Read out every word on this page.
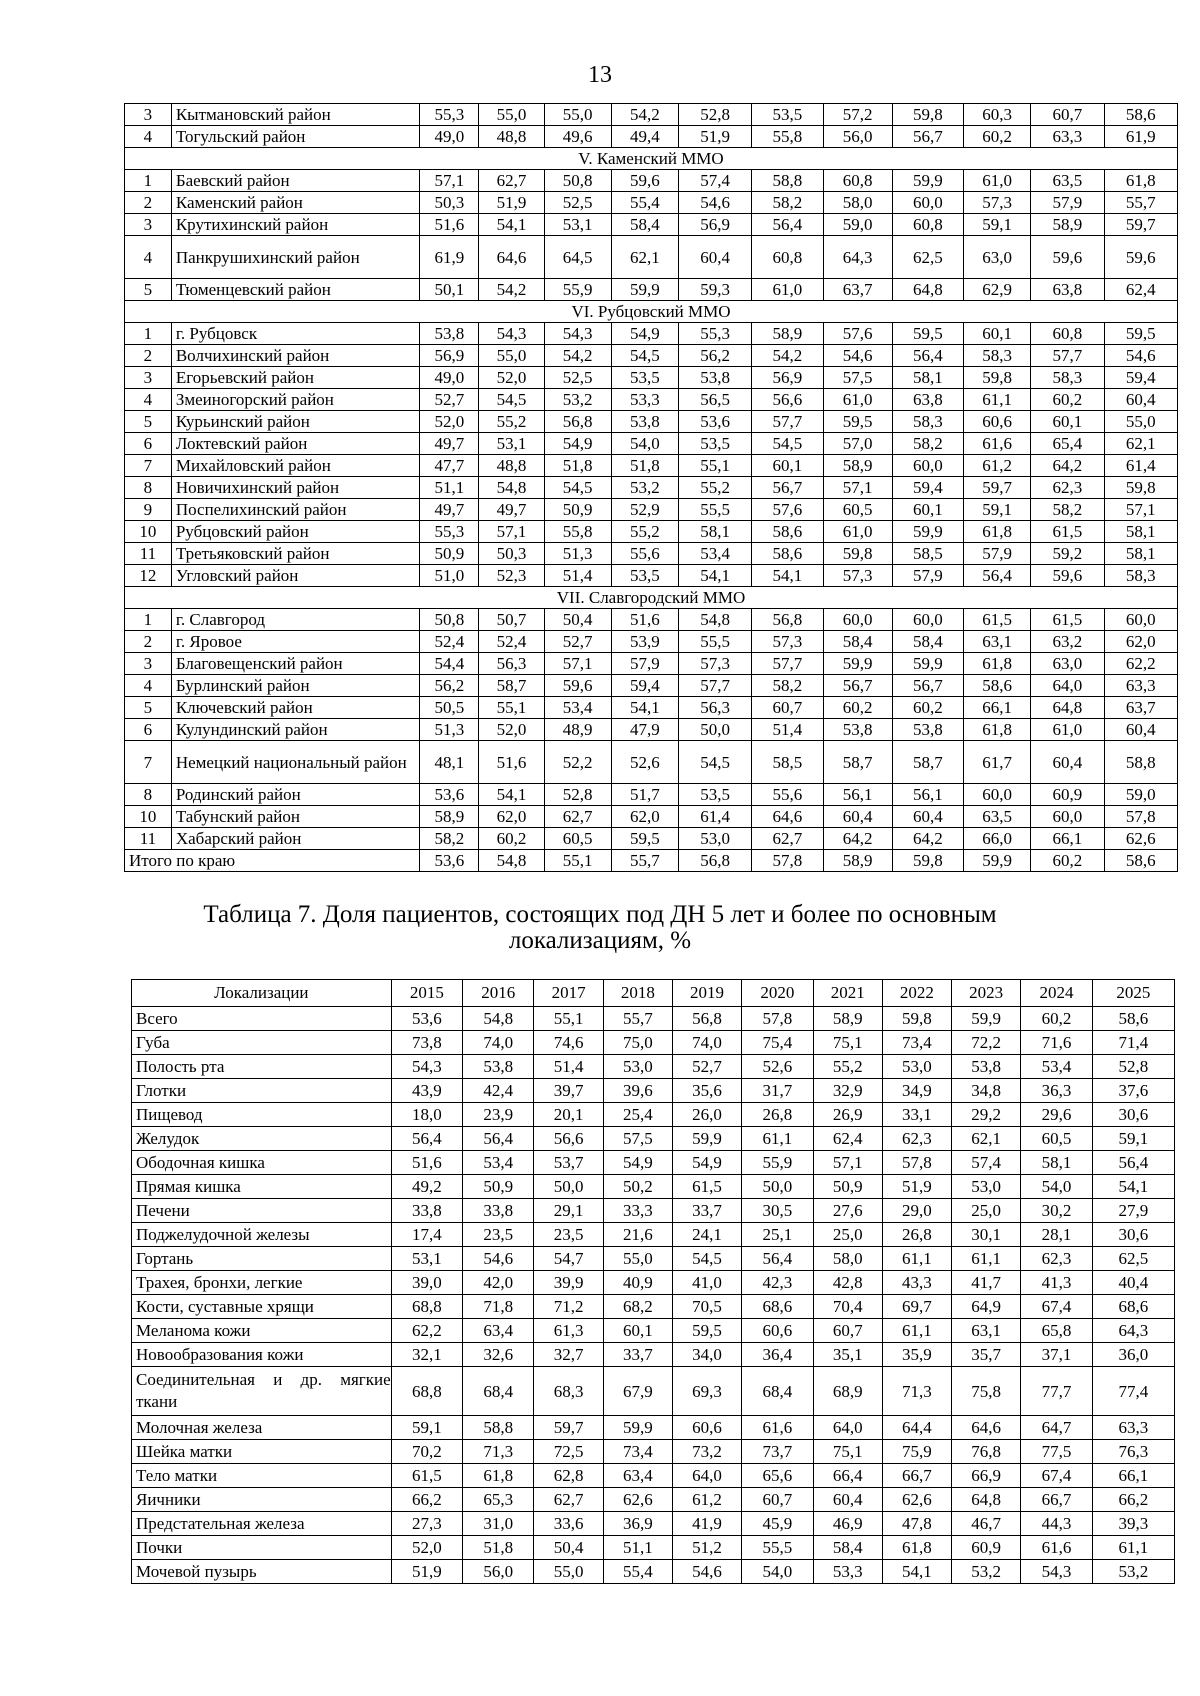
13
3	Кытмановский район	55,3	55,0	55,0	54,2	52,8	53,5	57,2	59,8	60,3	60,7	58,6
4	Тогульский район	49,0	48,8	49,6	49,4	51,9	55,8	56,0	56,7	60,2	63,3	61,9
V. Каменский ММО												
1	Баевский район	57,1	62,7	50,8	59,6	57,4	58,8	60,8	59,9	61,0	63,5	61,8
2	Каменский район	50,3	51,9	52,5	55,4	54,6	58,2	58,0	60,0	57,3	57,9	55,7
3	Крутихинский район	51,6	54,1	53,1	58,4	56,9	56,4	59,0	60,8	59,1	58,9	59,7
4	Панкрушихинский район	61,9	64,6	64,5	62,1	60,4	60,8	64,3	62,5	63,0	59,6	59,6
5	Тюменцевский район	50,1	54,2	55,9	59,9	59,3	61,0	63,7	64,8	62,9	63,8	62,4
VI. Рубцовский ММО												
1	г. Рубцовск	53,8	54,3	54,3	54,9	55,3	58,9	57,6	59,5	60,1	60,8	59,5
2	Волчихинский район	56,9	55,0	54,2	54,5	56,2	54,2	54,6	56,4	58,3	57,7	54,6
3	Егорьевский район	49,0	52,0	52,5	53,5	53,8	56,9	57,5	58,1	59,8	58,3	59,4
4	Змеиногорский район	52,7	54,5	53,2	53,3	56,5	56,6	61,0	63,8	61,1	60,2	60,4
5	Курьинский район	52,0	55,2	56,8	53,8	53,6	57,7	59,5	58,3	60,6	60,1	55,0
6	Локтевский район	49,7	53,1	54,9	54,0	53,5	54,5	57,0	58,2	61,6	65,4	62,1
7	Михайловский район	47,7	48,8	51,8	51,8	55,1	60,1	58,9	60,0	61,2	64,2	61,4
8	Новичихинский район	51,1	54,8	54,5	53,2	55,2	56,7	57,1	59,4	59,7	62,3	59,8
9	Поспелихинский район	49,7	49,7	50,9	52,9	55,5	57,6	60,5	60,1	59,1	58,2	57,1
10	Рубцовский район	55,3	57,1	55,8	55,2	58,1	58,6	61,0	59,9	61,8	61,5	58,1
11	Третьяковский район	50,9	50,3	51,3	55,6	53,4	58,6	59,8	58,5	57,9	59,2	58,1
12	Угловский район	51,0	52,3	51,4	53,5	54,1	54,1	57,3	57,9	56,4	59,6	58,3
VII. Славгородский ММО												
1	г. Славгород	50,8	50,7	50,4	51,6	54,8	56,8	60,0	60,0	61,5	61,5	60,0
2	г. Яровое	52,4	52,4	52,7	53,9	55,5	57,3	58,4	58,4	63,1	63,2	62,0
3	Благовещенский район	54,4	56,3	57,1	57,9	57,3	57,7	59,9	59,9	61,8	63,0	62,2
4	Бурлинский район	56,2	58,7	59,6	59,4	57,7	58,2	56,7	56,7	58,6	64,0	63,3
5	Ключевский район	50,5	55,1	53,4	54,1	56,3	60,7	60,2	60,2	66,1	64,8	63,7
6	Кулундинский район	51,3	52,0	48,9	47,9	50,0	51,4	53,8	53,8	61,8	61,0	60,4
7	Немецкий национальный район	48,1	51,6	52,2	52,6	54,5	58,5	58,7	58,7	61,7	60,4	58,8
8	Родинский район	53,6	54,1	52,8	51,7	53,5	55,6	56,1	56,1	60,0	60,9	59,0
10	Табунский район	58,9	62,0	62,7	62,0	61,4	64,6	60,4	60,4	63,5	60,0	57,8
11	Хабарский район	58,2	60,2	60,5	59,5	53,0	62,7	64,2	64,2	66,0	66,1	62,6
Итого по краю		53,6	54,8	55,1	55,7	56,8	57,8	58,9	59,8	59,9	60,2	58,6
Таблица 7. Доля пациентов, состоящих под ДН 5 лет и более по основным
локализациям, %
Локализации	2015	2016	2017	2018	2019	2020	2021	2022	2023	2024	2025
Всего	53,6	54,8	55,1	55,7	56,8	57,8	58,9	59,8	59,9	60,2	58,6
Губа	73,8	74,0	74,6	75,0	74,0	75,4	75,1	73,4	72,2	71,6	71,4
Полость рта	54,3	53,8	51,4	53,0	52,7	52,6	55,2	53,0	53,8	53,4	52,8
Глотки	43,9	42,4	39,7	39,6	35,6	31,7	32,9	34,9	34,8	36,3	37,6
Пищевод	18,0	23,9	20,1	25,4	26,0	26,8	26,9	33,1	29,2	29,6	30,6
Желудок	56,4	56,4	56,6	57,5	59,9	61,1	62,4	62,3	62,1	60,5	59,1
Ободочная кишка	51,6	53,4	53,7	54,9	54,9	55,9	57,1	57,8	57,4	58,1	56,4
Прямая кишка	49,2	50,9	50,0	50,2	61,5	50,0	50,9	51,9	53,0	54,0	54,1
Печени	33,8	33,8	29,1	33,3	33,7	30,5	27,6	29,0	25,0	30,2	27,9
Поджелудочной железы	17,4	23,5	23,5	21,6	24,1	25,1	25,0	26,8	30,1	28,1	30,6
Гортань	53,1	54,6	54,7	55,0	54,5	56,4	58,0	61,1	61,1	62,3	62,5
Трахея, бронхи, легкие	39,0	42,0	39,9	40,9	41,0	42,3	42,8	43,3	41,7	41,3	40,4
Кости, суставные хрящи	68,8	71,8	71,2	68,2	70,5	68,6	70,4	69,7	64,9	67,4	68,6
Меланома кожи	62,2	63,4	61,3	60,1	59,5	60,6	60,7	61,1	63,1	65,8	64,3
Новообразования кожи	32,1	32,6	32,7	33,7	34,0	36,4	35,1	35,9	35,7	37,1	36,0
Соединительная и др. мягкие ткани	68,8	68,4	68,3	67,9	69,3	68,4	68,9	71,3	75,8	77,7	77,4
Молочная железа	59,1	58,8	59,7	59,9	60,6	61,6	64,0	64,4	64,6	64,7	63,3
Шейка матки	70,2	71,3	72,5	73,4	73,2	73,7	75,1	75,9	76,8	77,5	76,3
Тело матки	61,5	61,8	62,8	63,4	64,0	65,6	66,4	66,7	66,9	67,4	66,1
Яичники	66,2	65,3	62,7	62,6	61,2	60,7	60,4	62,6	64,8	66,7	66,2
Предстательная железа	27,3	31,0	33,6	36,9	41,9	45,9	46,9	47,8	46,7	44,3	39,3
Почки	52,0	51,8	50,4	51,1	51,2	55,5	58,4	61,8	60,9	61,6	61,1
Мочевой пузырь	51,9	56,0	55,0	55,4	54,6	54,0	53,3	54,1	53,2	54,3	53,2
